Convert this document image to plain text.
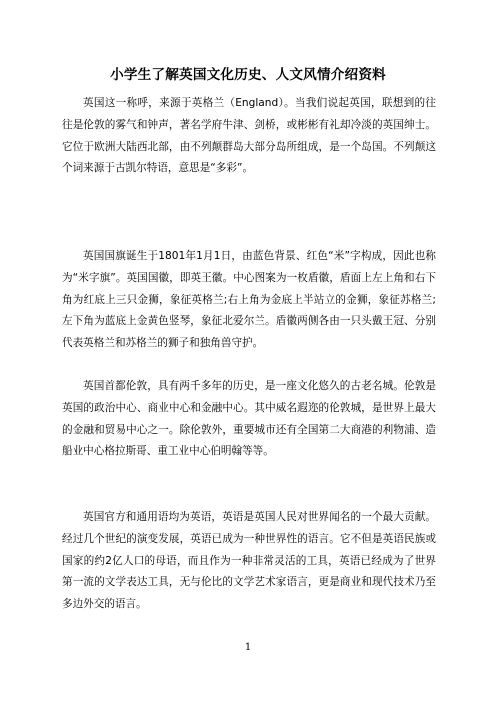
小学生了解英国文化历史、人文风情介绍资料

英国这一称呼，来源于英格兰（England）。当我们说起英国，联想到的往往是伦敦的雾气和钟声，著名学府牛津、剑桥，或彬彬有礼却冷淡的英国绅士。它位于欧洲大陆西北部，由不列颠群岛大部分岛所组成，是一个岛国。不列颠这个词来源于古凯尔特语，意思是“多彩”。

英国国旗诞生于1801年1月1日，由蓝色背景、红色“米”字构成，因此也称为“米字旗”。英国国徽，即英王徽。中心图案为一枚盾徽，盾面上左上角和右下角为红底上三只金狮，象征英格兰;右上角为金底上半站立的金狮，象征苏格兰;左下角为蓝底上金黄色竖琴，象征北爱尔兰。盾徽两侧各由一只头戴王冠、分别代表英格兰和苏格兰的狮子和独角兽守护。

英国首都伦敦，具有两千多年的历史，是一座文化悠久的古老名城。伦敦是英国的政治中心、商业中心和金融中心。其中威名遐迩的伦敦城，是世界上最大的金融和贸易中心之一。除伦敦外，重要城市还有全国第二大商港的利物浦、造船业中心格拉斯哥、重工业中心伯明翰等等。

英国官方和通用语均为英语，英语是英国人民对世界闻名的一个最大贡献。经过几个世纪的演变发展，英语已成为一种世界性的语言。它不但是英语民族或国家的约2亿人口的母语，而且作为一种非常灵活的工具，英语已经成为了世界第一流的文学表达工具，无与伦比的文学艺术家语言，更是商业和现代技术乃至多边外交的语言。

1
